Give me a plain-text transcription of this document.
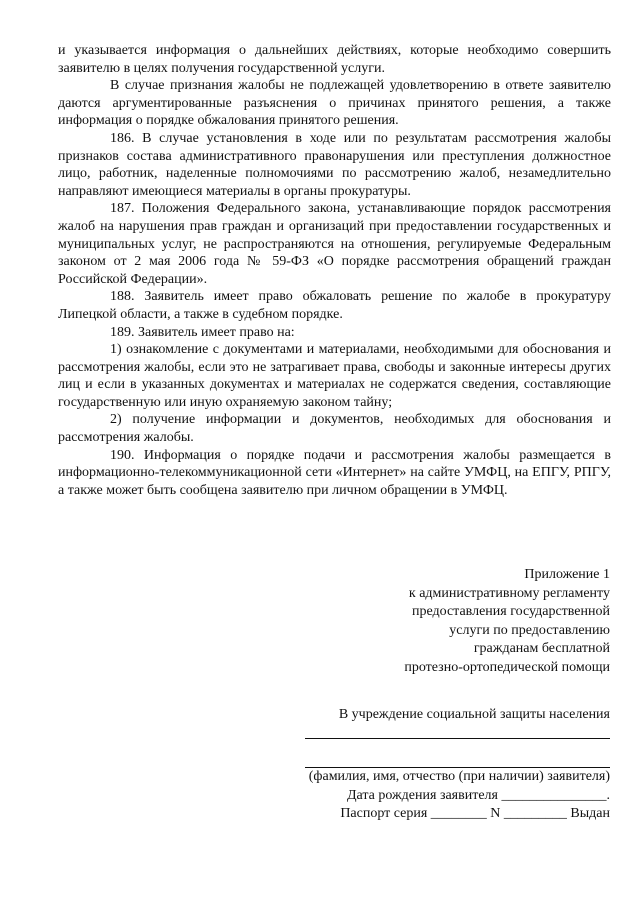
и указывается информация о дальнейших действиях, которые необходимо совершить заявителю в целях получения государственной услуги.

В случае признания жалобы не подлежащей удовлетворению в ответе заявителю даются аргументированные разъяснения о причинах принятого решения, а также информация о порядке обжалования принятого решения.

186. В случае установления в ходе или по результатам рассмотрения жалобы признаков состава административного правонарушения или преступления должностное лицо, работник, наделенные полномочиями по рассмотрению жалоб, незамедлительно направляют имеющиеся материалы в органы прокуратуры.

187. Положения Федерального закона, устанавливающие порядок рассмотрения жалоб на нарушения прав граждан и организаций при предоставлении государственных и муниципальных услуг, не распространяются на отношения, регулируемые Федеральным законом от 2 мая 2006 года № 59-ФЗ «О порядке рассмотрения обращений граждан Российской Федерации».

188. Заявитель имеет право обжаловать решение по жалобе в прокуратуру Липецкой области, а также в судебном порядке.

189. Заявитель имеет право на:

1) ознакомление с документами и материалами, необходимыми для обоснования и рассмотрения жалобы, если это не затрагивает права, свободы и законные интересы других лиц и если в указанных документах и материалах не содержатся сведения, составляющие государственную или иную охраняемую законом тайну;

2) получение информации и документов, необходимых для обоснования и рассмотрения жалобы.

190. Информация о порядке подачи и рассмотрения жалобы размещается в информационно-телекоммуникационной сети «Интернет» на сайте УМФЦ, на ЕПГУ, РПГУ, а также может быть сообщена заявителю при личном обращении в УМФЦ.

Приложение 1
к административному регламенту
предоставления государственной
услуги по предоставлению
гражданам бесплатной
протезно-ортопедической помощи
В учреждение социальной защиты населения
(фамилия, имя, отчество (при наличии) заявителя)
Дата рождения заявителя _______________.
Паспорт серия ________ N _________ Выдан
